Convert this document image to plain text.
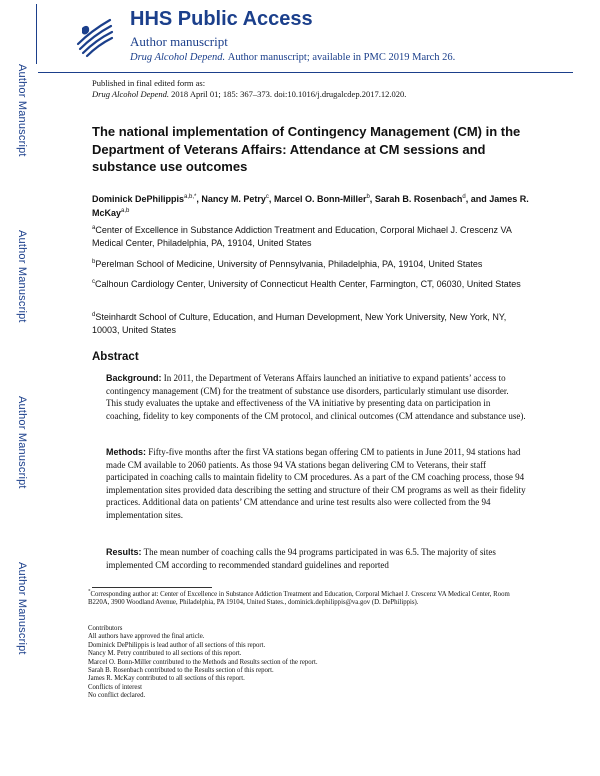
Author Manuscript
Author Manuscript
Author Manuscript
Author Manuscript
HHS Public Access
Author manuscript
Drug Alcohol Depend. Author manuscript; available in PMC 2019 March 26.
Published in final edited form as:
Drug Alcohol Depend. 2018 April 01; 185: 367–373. doi:10.1016/j.drugalcdep.2017.12.020.
The national implementation of Contingency Management (CM) in the Department of Veterans Affairs: Attendance at CM sessions and substance use outcomes
Dominick DePhilippis$^{a,b,*}$, Nancy M. Petry$^c$, Marcel O. Bonn-Miller$^b$, Sarah B. Rosenbach$^d$, and James R. McKay$^{a,b}$
$^a$Center of Excellence in Substance Addiction Treatment and Education, Corporal Michael J. Crescenz VA Medical Center, Philadelphia, PA, 19104, United States
$^b$Perelman School of Medicine, University of Pennsylvania, Philadelphia, PA, 19104, United States
$^c$Calhoun Cardiology Center, University of Connecticut Health Center, Farmington, CT, 06030, United States
$^d$Steinhardt School of Culture, Education, and Human Development, New York University, New York, NY, 10003, United States
Abstract
Background: In 2011, the Department of Veterans Affairs launched an initiative to expand patients’ access to contingency management (CM) for the treatment of substance use disorders, particularly stimulant use disorder. This study evaluates the uptake and effectiveness of the VA initiative by presenting data on participation in coaching, fidelity to key components of the CM protocol, and clinical outcomes (CM attendance and substance use).
Methods: Fifty-five months after the first VA stations began offering CM to patients in June 2011, 94 stations had made CM available to 2060 patients. As those 94 VA stations began delivering CM to Veterans, their staff participated in coaching calls to maintain fidelity to CM procedures. As a part of the CM coaching process, those 94 implementation sites provided data describing the setting and structure of their CM programs as well as their fidelity practices. Additional data on patients’ CM attendance and urine test results also were collected from the 94 implementation sites.
Results: The mean number of coaching calls the 94 programs participated in was 6.5. The majority of sites implemented CM according to recommended standard guidelines and reported
*Corresponding author at: Center of Excellence in Substance Addiction Treatment and Education, Corporal Michael J. Crescenz VA Medical Center, Room B220A, 3900 Woodland Avenue, Philadelphia, PA 19104, United States., dominick.dephilippis@va.gov (D. DePhilippis).
Contributors
All authors have approved the final article.
Dominick DePhilippis is lead author of all sections of this report.
Nancy M. Petry contributed to all sections of this report.
Marcel O. Bonn-Miller contributed to the Methods and Results section of the report.
Sarah B. Rosenbach contributed to the Results section of this report.
James R. McKay contributed to all sections of this report.
Conflicts of interest
No conflict declared.
